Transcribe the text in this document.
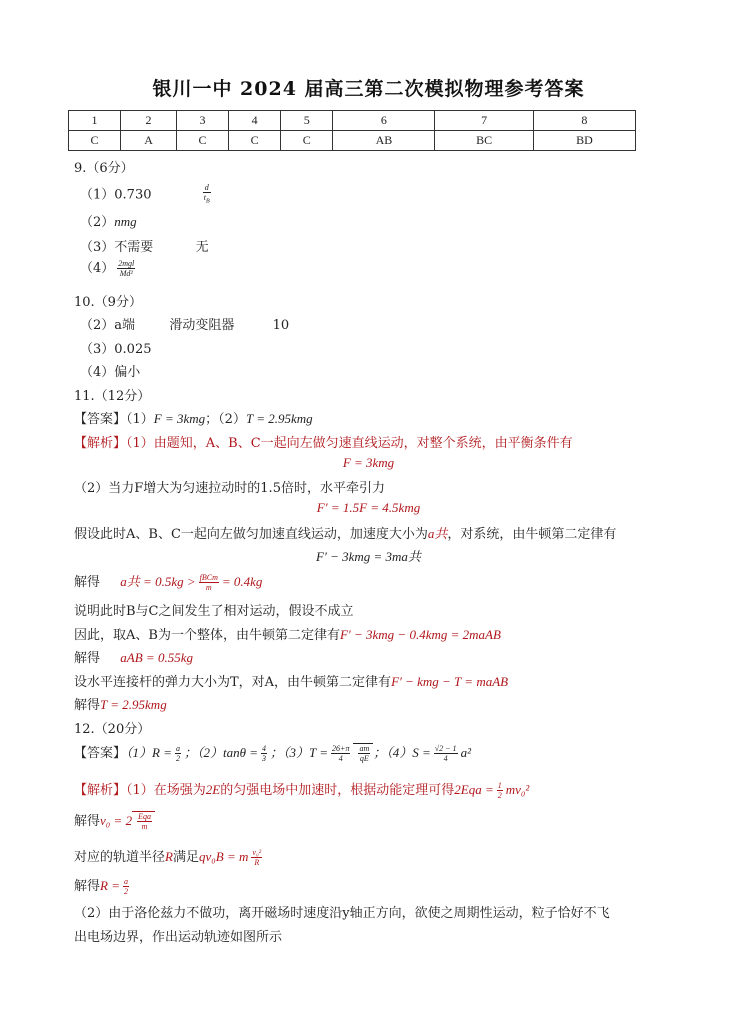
银川一中 2024 届高三第二次模拟物理参考答案
1	2	3	4	5	6	7	8
C	A	C	C	C	AB	BC	BD
9.（6分）
（1）0.730	$\frac{d}{t_B}$
（2）nmg
（3）不需要	无
$(4) \frac{\text{2mgl}}{\text{Md²}}$
10.（9分）
（2）a端	滑动变阻器	10
（3）0.025
（4）偏小
11.（12分）
【答案】（1）F = 3kmg；（2）T = 2.95kmg
【解析】（1）由题知，A、B、C一起向左做匀速直线运动，对整个系统，由平衡条件有
F = 3kmg
（2）当力F增大为匀速拉动时的1.5倍时，水平牵引力
F′ = 1.5F = 4.5kmg
假设此时A、B、C一起向左做匀加速直线运动，加速度大小为a共，对系统，由牛顿第二定律有
F′ − 3kmg = 3ma共
解得 a共 = $0.5kg > \frac{\text{fBCm}}{m} = 0.4kg$
说明此时B与C之间发生了相对运动，假设不成立
因此，取A、B为一个整体，由牛顿第二定律有F′ − 3kmg − 0.4kmg = 2maAB
解得 aAB = 0.55kg
设水平连接杆的弹力大小为T，对A，由牛顿第二定律有F′ − kmg − T = maAB
解得T = 2.95kmg
12.（20分）
【答案】$(1)R = \frac{a}{2}$ ；$(2)\tan\theta = \frac{4}{3}$ ；$(3)T = \frac{26+\pi}{4} \frac{am}{qE}$ ；$(4)S = \frac{√2 - 1}{4} a^2$
【解析】（1）在场强为2E的匀强电场中加速时，根据动能定理可得$2Eqa = \frac{1}{2} mv_0^2$
解得$v_0 = 2 \frac{\text{Eqa}}{m}$
对应的轨道半径R满足qv₀B = m $\frac{\text{v₀²}}{R}$
解得$R = \frac{a}{2}$
（2）由于洛伦兹力不做功，离开磁场时速度沿y轴正方向，欲使之周期性运动，粒子恰好不飞
出电场边界，作出运动轨迹如图所示
